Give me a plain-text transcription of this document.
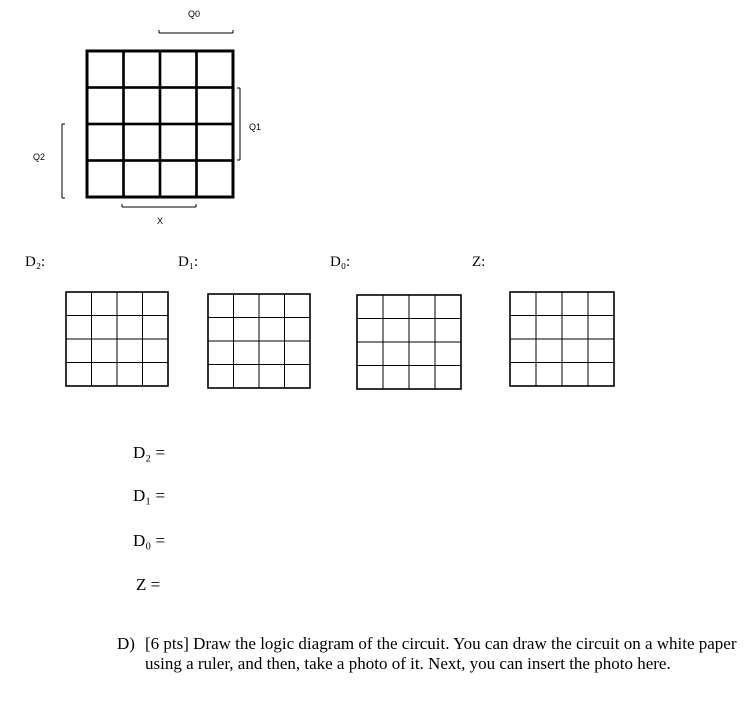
Q0
Q1
Q2
X
D₂:	D₁:	D₀:	Z:
D₂ =
D₁ =
D₀ =
Z =
D) [6 pts] Draw the logic diagram of the circuit. You can draw the circuit on a white paper using a ruler, and then, take a photo of it. Next, you can insert the photo here.
